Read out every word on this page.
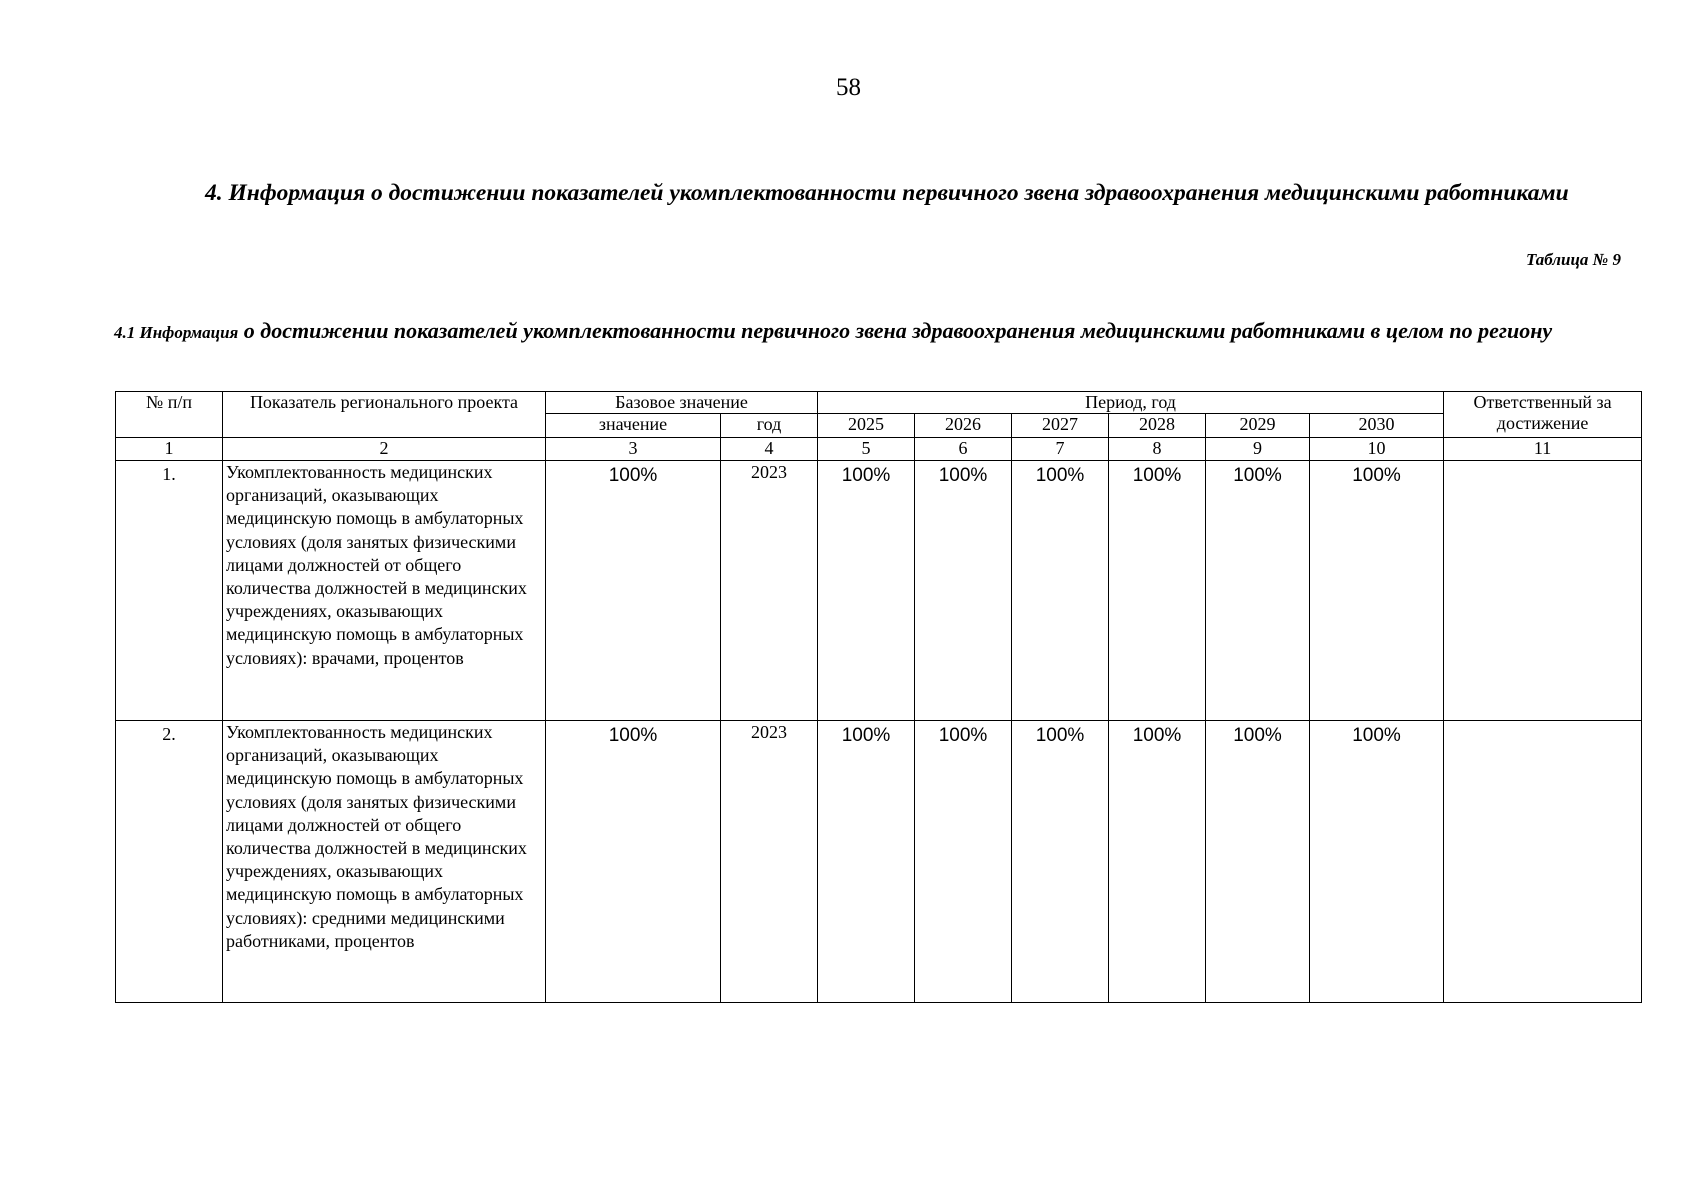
58
4. Информация о достижении показателей укомплектованности первичного звена здравоохранения медицинскими работниками
Таблица № 9
4.1 Информация о достижении показателей укомплектованности первичного звена здравоохранения медицинскими работниками в целом по региону
№ п/п	Показатель регионального проекта	Базовое значение		Период, год						Ответственный за достижение
		значение	год	2025	2026	2027	2028	2029	2030	
1	2	3	4	5	6	7	8	9	10	11
1.	Укомплектованность медицинских организаций, оказывающих медицинскую помощь в амбулаторных условиях (доля занятых физическими лицами должностей от общего количества должностей в медицинских учреждениях, оказывающих медицинскую помощь в амбулаторных условиях): врачами, процентов	100%	2023	100%	100%	100%	100%	100%	100%	
2.	Укомплектованность медицинских организаций, оказывающих медицинскую помощь в амбулаторных условиях (доля занятых физическими лицами должностей от общего количества должностей в медицинских учреждениях, оказывающих медицинскую помощь в амбулаторных условиях): средними медицинскими работниками, процентов	100%	2023	100%	100%	100%	100%	100%	100%	
